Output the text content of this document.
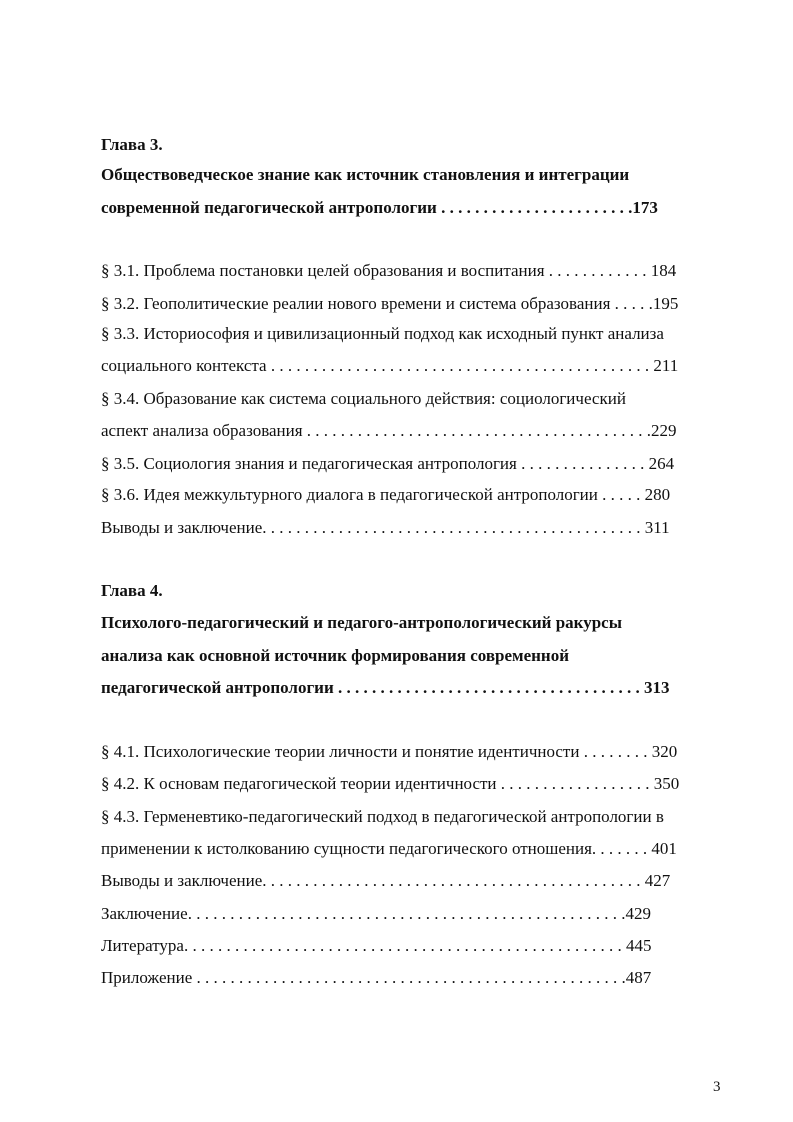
Глава 3.
Обществоведческое знание как источник становления и интеграции
современной педагогической антропологии . . . . . . . . . . . . . . . . . . . . . . .173
§ 3.1. Проблема постановки целей образования и воспитания . . . . . . . . . . . . 184
§ 3.2. Геополитические реалии нового времени и система образования . . . . .195
§ 3.3. Историософия и цивилизационный подход как исходный пункт анализа
социального контекста . . . . . . . . . . . . . . . . . . . . . . . . . . . . . . . . . . . . . . . . . . . . . 211
§ 3.4. Образование как система социального действия: социологический
аспект анализа образования . . . . . . . . . . . . . . . . . . . . . . . . . . . . . . . . . . . . . . . . .229
§ 3.5. Социология знания и педагогическая антропология . . . . . . . . . . . . . . . 264
§ 3.6. Идея межкультурного диалога в педагогической антропологии . . . . . 280
Выводы и заключение. . . . . . . . . . . . . . . . . . . . . . . . . . . . . . . . . . . . . . . . . . . . . 311
Глава 4.
Психолого-педагогический и педагого-антропологический ракурсы
анализа как основной источник формирования современной
педагогической антропологии . . . . . . . . . . . . . . . . . . . . . . . . . . . . . . . . . . . . 313
§ 4.1. Психологические теории личности и понятие идентичности . . . . . . . . 320
§ 4.2. К основам педагогической теории идентичности . . . . . . . . . . . . . . . . . . 350
§ 4.3. Герменевтико-педагогический подход в педагогической антропологии в
применении к истолкованию сущности педагогического отношения. . . . . . . 401
Выводы и заключение. . . . . . . . . . . . . . . . . . . . . . . . . . . . . . . . . . . . . . . . . . . . . 427
Заключение. . . . . . . . . . . . . . . . . . . . . . . . . . . . . . . . . . . . . . . . . . . . . . . . . . . .429
Литература. . . . . . . . . . . . . . . . . . . . . . . . . . . . . . . . . . . . . . . . . . . . . . . . . . . . 445
Приложение . . . . . . . . . . . . . . . . . . . . . . . . . . . . . . . . . . . . . . . . . . . . . . . . . . .487
3
